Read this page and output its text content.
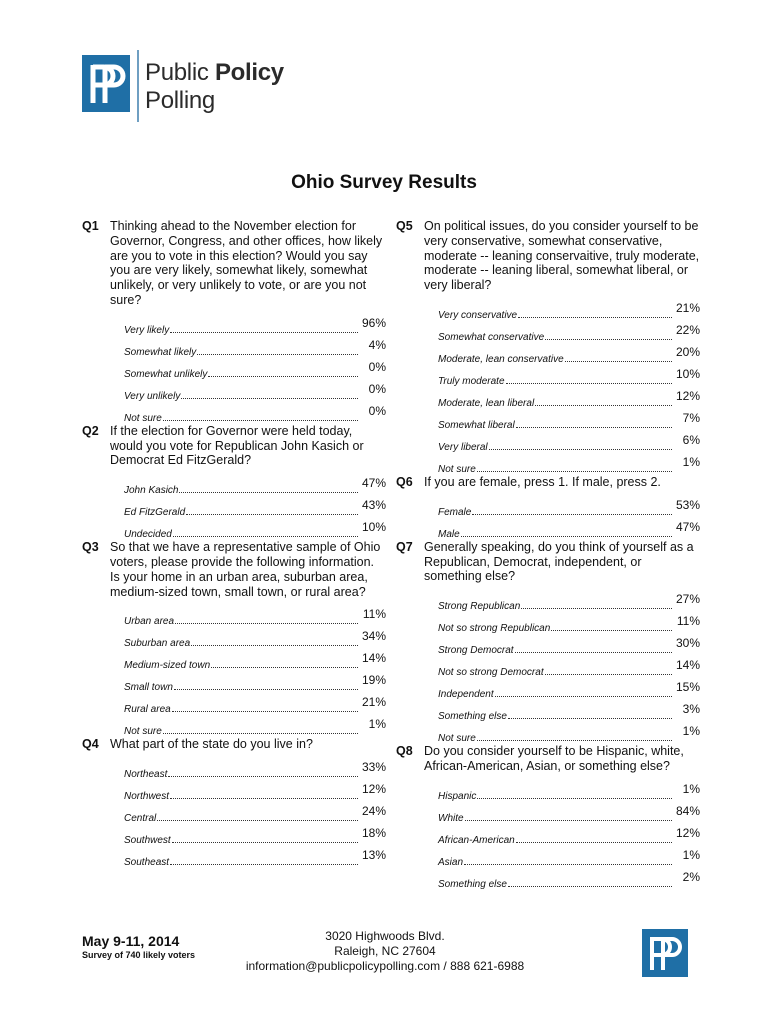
Public Policy
Polling
Ohio Survey Results
Q1 Thinking ahead to the November election for Governor, Congress, and other offices, how likely are you to vote in this election? Would you say you are very likely, somewhat likely, somewhat unlikely, or very unlikely to vote, or are you not sure?
Very likely
96%
Somewhat likely
4%
Somewhat unlikely
0%
Very unlikely
0%
Not sure
0%
Q2 If the election for Governor were held today, would you vote for Republican John Kasich or Democrat Ed FitzGerald?
John Kasich
47%
Ed FitzGerald
43%
Undecided
10%
Q3 So that we have a representative sample of Ohio voters, please provide the following information. Is your home in an urban area, suburban area, medium-sized town, small town, or rural area?
Urban area
11%
Suburban area
34%
Medium-sized town
14%
Small town
19%
Rural area
21%
Not sure
1%
Q4 What part of the state do you live in?
Northeast
33%
Northwest
12%
Central
24%
Southwest
18%
Southeast
13%
Q5 On political issues, do you consider yourself to be very conservative, somewhat conservative, moderate -- leaning conservaitive, truly moderate, moderate -- leaning liberal, somewhat liberal, or very liberal?
Very conservative
21%
Somewhat conservative
22%
Moderate, lean conservative
20%
Truly moderate
10%
Moderate, lean liberal
12%
Somewhat liberal
7%
Very liberal
6%
Not sure
1%
Q6 If you are female, press 1. If male, press 2.
Female
53%
Male
47%
Q7 Generally speaking, do you think of yourself as a Republican, Democrat, independent, or something else?
Strong Republican
27%
Not so strong Republican
11%
Strong Democrat
30%
Not so strong Democrat
14%
Independent
15%
Something else
3%
Not sure
1%
Q8 Do you consider yourself to be Hispanic, white, African-American, Asian, or something else?
Hispanic
1%
White
84%
African-American
12%
Asian
1%
Something else
2%
May 9-11, 2014
Survey of 740 likely voters
3020 Highwoods Blvd.
Raleigh, NC 27604
information@publicpolicypolling.com / 888 621-6988
